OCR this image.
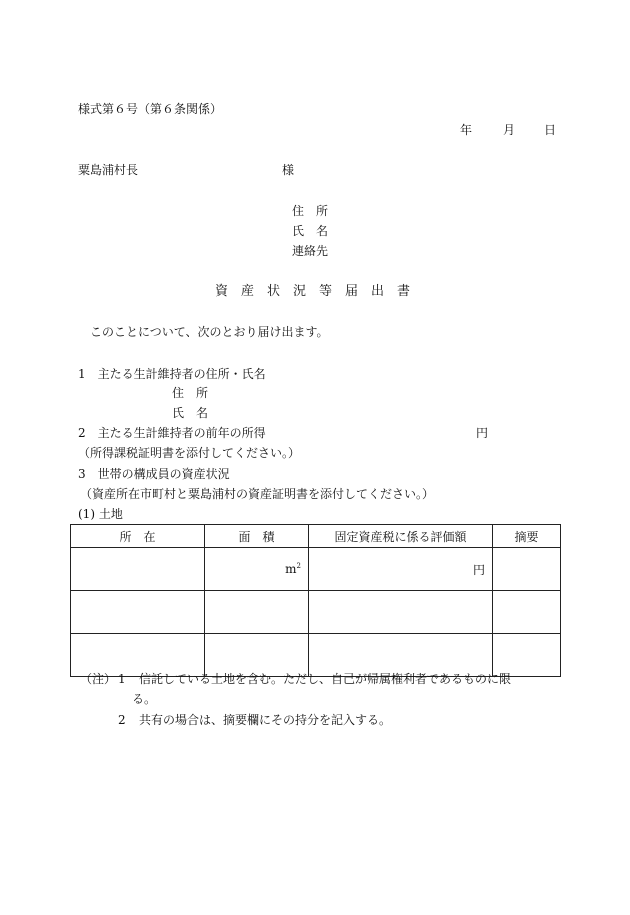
様式第６号（第６条関係）
年	月 日
粟島浦村長	様
住　所
氏　名
連絡先
資　産　状　況　等　届　出　書
このことについて、次のとおり届け出ます。
1　主たる生計維持者の住所・氏名
住　所
氏　名
2　主たる生計維持者の前年の所得	円
（所得課税証明書を添付してください。）
3　世帯の構成員の資産状況
（資産所在市町村と粟島浦村の資産証明書を添付してください。）
(1) 土地
所　在	面　積	固定資産税に係る評価額	摘要

	$m^2$	円	

（注） 1 信託している土地を含む。ただし、自己が帰属権利者であるものに限
る。
2 共有の場合は、摘要欄にその持分を記入する。
